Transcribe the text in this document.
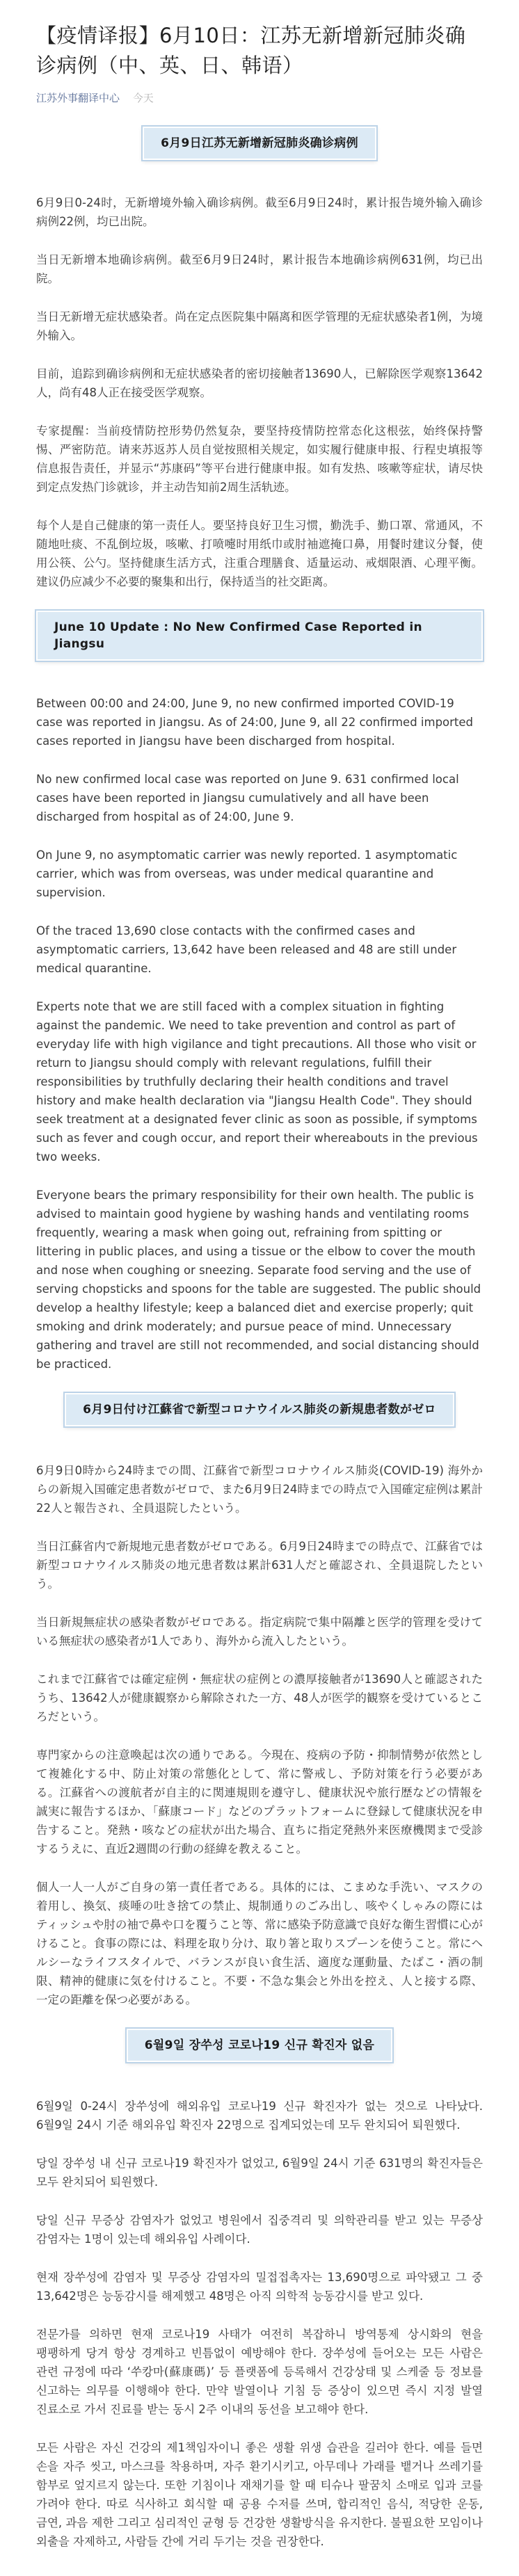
【疫情译报】6月10日：江苏无新增新冠肺炎确诊病例（中、英、日、韩语）
江苏外事翻译中心 今天
6月9日江苏无新增新冠肺炎确诊病例

6月9日0-24时，无新增境外输入确诊病例。截至6月9日24时，累计报告境外输入确诊病例22例，均已出院。

当日无新增本地确诊病例。截至6月9日24时，累计报告本地确诊病例631例，均已出院。

当日无新增无症状感染者。尚在定点医院集中隔离和医学管理的无症状感染者1例，为境外输入。

目前，追踪到确诊病例和无症状感染者的密切接触者13690人，已解除医学观察13642人，尚有48人正在接受医学观察。

专家提醒：当前疫情防控形势仍然复杂，要坚持疫情防控常态化这根弦，始终保持警惕、严密防范。请来苏返苏人员自觉按照相关规定，如实履行健康申报、行程史填报等信息报告责任，并显示“苏康码”等平台进行健康申报。如有发热、咳嗽等症状，请尽快到定点发热门诊就诊，并主动告知前2周生活轨迹。

每个人是自己健康的第一责任人。要坚持良好卫生习惯，勤洗手、勤口罩、常通风，不随地吐痰、不乱倒垃圾，咳嗽、打喷嚏时用纸巾或肘袖遮掩口鼻，用餐时建议分餐，使用公筷、公勺。坚持健康生活方式，注重合理膳食、适量运动、戒烟限酒、心理平衡。建议仍应减少不必要的聚集和出行，保持适当的社交距离。

June 10 Update : No New Confirmed Case Reported in Jiangsu

Between 00:00 and 24:00, June 9, no new confirmed imported COVID-19 case was reported in Jiangsu. As of 24:00, June 9, all 22 confirmed imported cases reported in Jiangsu have been discharged from hospital.

No new confirmed local case was reported on June 9. 631 confirmed local cases have been reported in Jiangsu cumulatively and all have been discharged from hospital as of 24:00, June 9.

On June 9, no asymptomatic carrier was newly reported. 1 asymptomatic carrier, which was from overseas, was under medical quarantine and supervision.

Of the traced 13,690 close contacts with the confirmed cases and asymptomatic carriers, 13,642 have been released and 48 are still under medical quarantine.

Experts note that we are still faced with a complex situation in fighting against the pandemic. We need to take prevention and control as part of everyday life with high vigilance and tight precautions. All those who visit or return to Jiangsu should comply with relevant regulations, fulfill their responsibilities by truthfully declaring their health conditions and travel history and make health declaration via "Jiangsu Health Code". They should seek treatment at a designated fever clinic as soon as possible, if symptoms such as fever and cough occur, and report their whereabouts in the previous two weeks.

Everyone bears the primary responsibility for their own health. The public is advised to maintain good hygiene by washing hands and ventilating rooms frequently, wearing a mask when going out, refraining from spitting or littering in public places, and using a tissue or the elbow to cover the mouth and nose when coughing or sneezing. Separate food serving and the use of serving chopsticks and spoons for the table are suggested. The public should develop a healthy lifestyle; keep a balanced diet and exercise properly; quit smoking and drink moderately; and pursue peace of mind. Unnecessary gathering and travel are still not recommended, and social distancing should be practiced.

6月9日付け江蘇省で新型コロナウイルス肺炎の新規患者数がゼロ

6月9日0時から24時までの間、江蘇省で新型コロナウイルス肺炎(COVID-19) 海外からの新規入国確定患者数がゼロで、また6月9日24時までの時点で入国確定症例は累計22人と報告され、全員退院したという。

当日江蘇省内で新規地元患者数がゼロである。6月9日24時までの時点で、江蘇省では新型コロナウイルス肺炎の地元患者数は累計631人だと確認され、全員退院したという。

当日新規無症状の感染者数がゼロである。指定病院で集中隔離と医学的管理を受けている無症状の感染者が1人であり、海外から流入したという。

これまで江蘇省では確定症例・無症状の症例との濃厚接触者が13690人と確認されたうち、13642人が健康観察から解除された一方、48人が医学的観察を受けているところだという。

専門家からの注意喚起は次の通りである。今現在、疫病の予防・抑制情勢が依然として複雑化する中、防止対策の常態化として、常に警戒し、予防対策を行う必要がある。江蘇省への渡航者が自主的に関連規則を遵守し、健康状況や旅行歴などの情報を誠実に報告するほか、「蘇康コード」などのプラットフォームに登録して健康状況を申告すること。発熱・咳などの症状が出た場合、直ちに指定発熱外来医療機関まで受診するうえに、直近2週間の行動の経緯を教えること。

個人一人一人がご自身の第一責任者である。具体的には、こまめな手洗い、マスクの着用し、換気、痰唾の吐き捨ての禁止、規制通りのごみ出し、咳やくしゃみの際にはティッシュや肘の袖で鼻や口を覆うこと等、常に感染予防意識で良好な衛生習慣に心がけること。食事の際には、料理を取り分け、取り箸と取りスプーンを使うこと。常にヘルシーなライフスタイルで、バランスが良い食生活、適度な運動量、たばこ・酒の制限、精神的健康に気を付けること。不要・不急な集会と外出を控え、人と接する際、一定の距離を保つ必要がある。

6월9일 장쑤성 코로나19 신규 확진자 없음

6월9일 0-24시 장쑤성에 해외유입 코로나19 신규 확진자가 없는 것으로 나타났다. 6월9일 24시 기준 해외유입 확진자 22명으로 집계되었는데 모두 완치되어 퇴원했다.

당일 장쑤성 내 신규 코로나19 확진자가 없었고, 6월9일 24시 기준 631명의 확진자들은 모두 완치되어 퇴원했다.

당일 신규 무증상 감염자가 없었고 병원에서 집중격리 및 의학관리를 받고 있는 무증상 감염자는 1명이 있는데 해외유입 사례이다.

현재 장쑤성에 감염자 및 무증상 감염자의 밀접접촉자는 13,690명으로 파악됐고 그 중 13,642명은 능동감시를 해제했고 48명은 아직 의학적 능동감시를 받고 있다.

전문가를 의하면 현재 코로나19 사태가 여전히 복잡하니 방역통제 상시화의 현을 팽팽하게 당겨 항상 경계하고 빈틈없이 예방해야 한다. 장쑤성에 들어오는 모든 사람은 관련 규정에 따라 ‘쑤캉마(蘇康碼)’ 등 플랫폼에 등록해서 건강상태 및 스케줄 등 정보를 신고하는 의무를 이행해야 한다. 만약 발열이나 기침 등 증상이 있으면 즉시 지정 발열 진료소로 가서 진료를 받는 동시 2주 이내의 동선을 보고해야 한다.

모든 사람은 자신 건강의 제1책임자이니 좋은 생활 위생 습관을 길러야 한다. 예를 들면 손을 자주 씻고, 마스크를 착용하며, 자주 환기시키고, 아무데나 가래를 뱉거나 쓰레기를 함부로 엎지르지 않는다. 또한 기침이나 재채기를 할 때 티슈나 팔꿈치 소매로 입과 코를 가려야 한다. 따로 식사하고 회식할 때 공용 수저를 쓰며, 합리적인 음식, 적당한 운동, 금연, 과음 제한 그리고 심리적인 균형 등 건강한 생활방식을 유지한다. 불필요한 모임이나 외출을 자제하고, 사람들 간에 거리 두기는 것을 권장한다.
